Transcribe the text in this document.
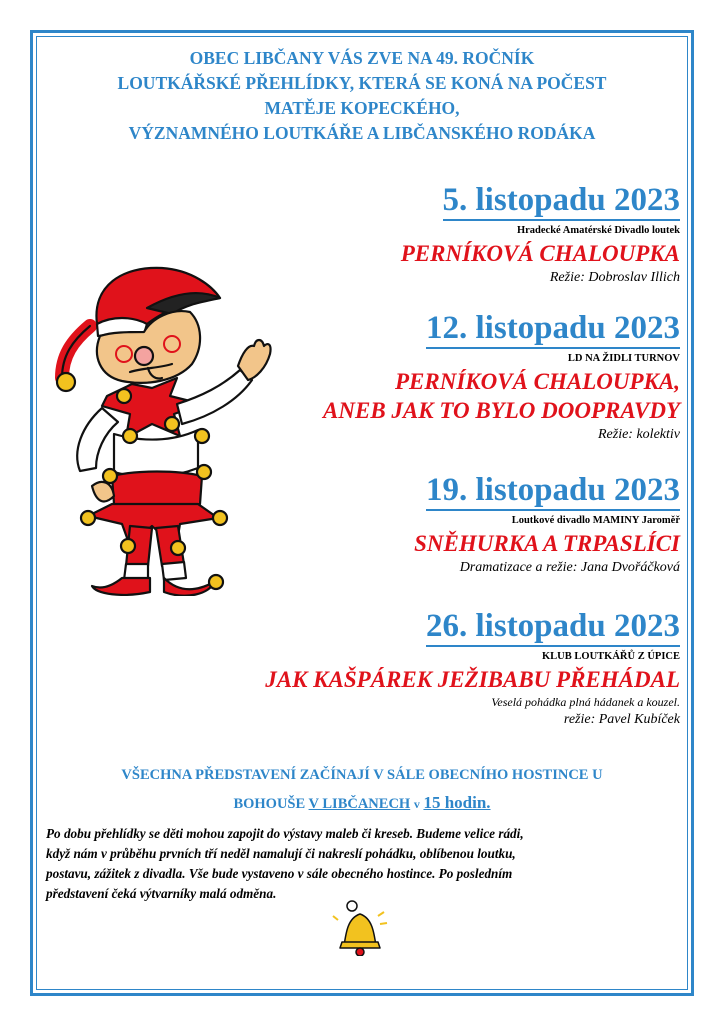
OBEC LIBČANY VÁS ZVE NA 49. ROČNÍK
LOUTKÁŘSKÉ PŘEHLÍDKY, KTERÁ SE KONÁ NA POČEST
MATĚJE KOPECKÉHO,
VÝZNAMNÉHO LOUTKÁŘE A LIBČANSKÉHO RODÁKA
5. listopadu 2023
Hradecké Amatérské Divadlo loutek
PERNÍKOVÁ CHALOUPKA
Režie: Dobroslav Illich
12. listopadu 2023
LD NA ŽIDLI TURNOV
PERNÍKOVÁ CHALOUPKA,
ANEB JAK TO BYLO DOOPRAVDY
Režie: kolektiv
19. listopadu 2023
Loutkové divadlo MAMINY Jaroměř
SNĚHURKA A TRPASLÍCI
Dramatizace a režie: Jana Dvořáčková
26. listopadu 2023
KLUB LOUTKÁŘŮ Z ÚPICE
JAK KAŠPÁREK JEŽIBABU PŘEHÁDAL
Veselá pohádka plná hádanek a kouzel.
režie: Pavel Kubíček
VŠECHNA PŘEDSTAVENÍ ZAČÍNAJÍ V SÁLE OBECNÍHO HOSTINCE U
BOHOUŠE V LIBČANECH v 15 hodin.
Po dobu přehlídky se děti mohou zapojit do výstavy maleb či kreseb. Budeme velice rádi,
když nám v průběhu prvních tří neděl namalují či nakreslí pohádku, oblíbenou loutku,
postavu, zážitek z divadla. Vše bude vystaveno v sále obecného hostince. Po posledním
představení čeká výtvarníky malá odměna.
